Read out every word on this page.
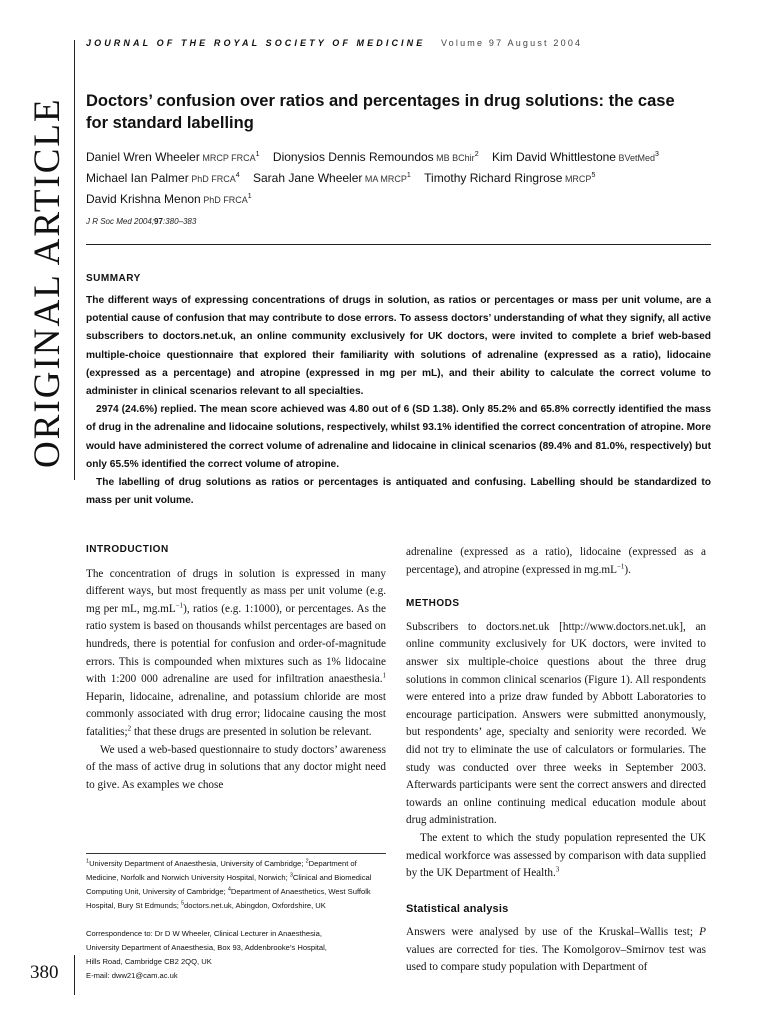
ORIGINAL ARTICLE
380
JOURNAL OF THE ROYAL SOCIETY OF MEDICINE Volume 97 August 2004
Doctors’ confusion over ratios and percentages in drug solutions: the case for standard labelling
Daniel Wren Wheeler MRCP FRCA$^1$ Dionysios Dennis Remoundos MB BChir$^2$ Kim David Whittlestone BVetMed$^3$
Michael Ian Palmer PhD FRCA$^4$ Sarah Jane Wheeler MA MRCP$^1$ Timothy Richard Ringrose MRCP$^5$
David Krishna Menon PhD FRCA$^1$
J R Soc Med 2004;97:380–383
SUMMARY

The different ways of expressing concentrations of drugs in solution, as ratios or percentages or mass per unit volume, are a potential cause of confusion that may contribute to dose errors. To assess doctors’ understanding of what they signify, all active subscribers to doctors.net.uk, an online community exclusively for UK doctors, were invited to complete a brief web-based multiple-choice questionnaire that explored their familiarity with solutions of adrenaline (expressed as a ratio), lidocaine (expressed as a percentage) and atropine (expressed in mg per mL), and their ability to calculate the correct volume to administer in clinical scenarios relevant to all specialties.

2974 (24.6%) replied. The mean score achieved was 4.80 out of 6 (SD 1.38). Only 85.2% and 65.8% correctly identified the mass of drug in the adrenaline and lidocaine solutions, respectively, whilst 93.1% identified the correct concentration of atropine. More would have administered the correct volume of adrenaline and lidocaine in clinical scenarios (89.4% and 81.0%, respectively) but only 65.5% identified the correct volume of atropine.

The labelling of drug solutions as ratios or percentages is antiquated and confusing. Labelling should be standardized to mass per unit volume.

INTRODUCTION

The concentration of drugs in solution is expressed in many different ways, but most frequently as mass per unit volume (e.g. mg per mL, $mg.mL^{-1}$), ratios (e.g. 1:1000), or percentages. As the ratio system is based on thousands whilst percentages are based on hundreds, there is potential for confusion and order-of-magnitude errors. This is compounded when mixtures such as 1% lidocaine with 1:200 000 adrenaline are used for infiltration anaesthesia.$^1$ Heparin, lidocaine, adrenaline, and potassium chloride are most commonly associated with drug error; lidocaine causing the most fatalities;$^2$ that these drugs are presented in solution be relevant.

We used a web-based questionnaire to study doctors’ awareness of the mass of active drug in solutions that any doctor might need to give. As examples we chose

$^1$University Department of Anaesthesia, University of Cambridge; $^2$Department of Medicine, Norfolk and Norwich University Hospital, Norwich; $^3$Clinical and Biomedical Computing Unit, University of Cambridge; $^4$Department of Anaesthetics, West Suffolk Hospital, Bury St Edmunds; $^5$doctors.net.uk, Abingdon, Oxfordshire, UK

Correspondence to: Dr D W Wheeler, Clinical Lecturer in Anaesthesia,

University Department of Anaesthesia, Box 93, Addenbrooke’s Hospital,

Hills Road, Cambridge CB2 2QQ, UK

E-mail: dww21@cam.ac.uk

adrenaline (expressed as a ratio), lidocaine (expressed as a percentage), and atropine (expressed in $mg.mL^{-1}$).

METHODS

Subscribers to doctors.net.uk [http://www.doctors.net.uk], an online community exclusively for UK doctors, were invited to answer six multiple-choice questions about the three drug solutions in common clinical scenarios (Figure 1). All respondents were entered into a prize draw funded by Abbott Laboratories to encourage participation. Answers were submitted anonymously, but respondents’ age, specialty and seniority were recorded. We did not try to eliminate the use of calculators or formularies. The study was conducted over three weeks in September 2003. Afterwards participants were sent the correct answers and directed towards an online continuing medical education module about drug administration.

The extent to which the study population represented the UK medical workforce was assessed by comparison with data supplied by the UK Department of Health.$^3$

Statistical analysis

Answers were analysed by use of the Kruskal–Wallis test; P values are corrected for ties. The Komolgorov–Smirnov test was used to compare study population with Department of
